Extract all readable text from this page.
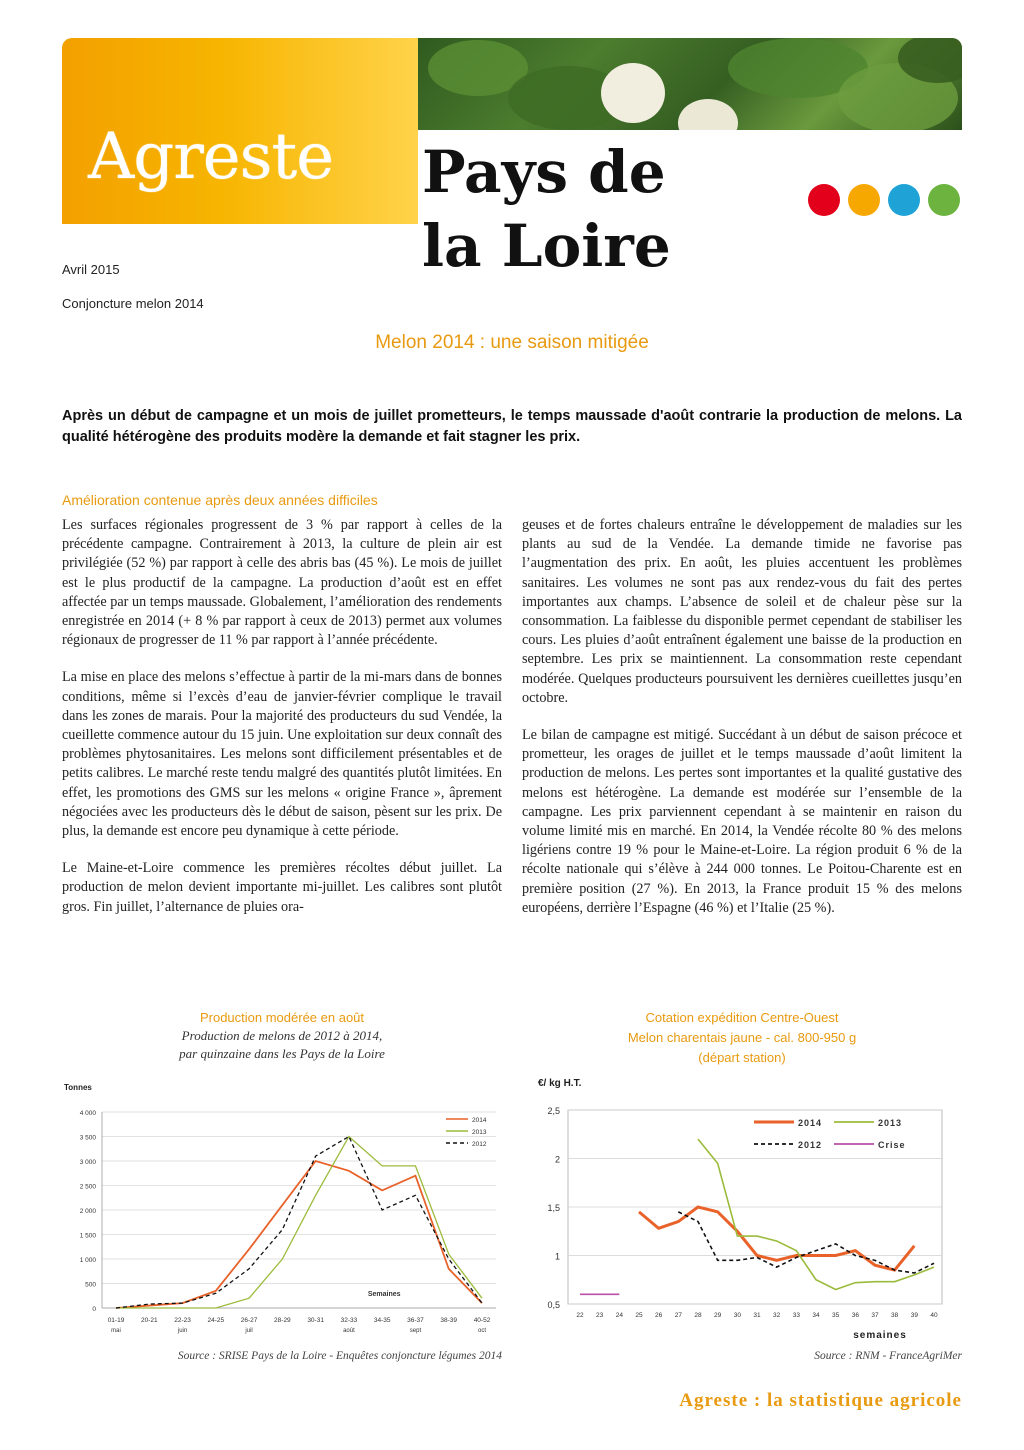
Agreste Pays de
la Loire
Avril 2015
Conjoncture melon 2014
Melon 2014 : une saison mitigée
Après un début de campagne et un mois de juillet prometteurs, le temps maussade d'août contrarie la production de melons. La qualité hétérogène des produits modère la demande et fait stagner les prix.
Amélioration contenue après deux années difficiles

Les surfaces régionales progressent de 3 % par rapport à celles de la précédente campagne. Contrairement à 2013, la culture de plein air est privilégiée (52 %) par rapport à celle des abris bas (45 %). Le mois de juillet est le plus productif de la campagne. La production d’août est en effet affectée par un temps maussade. Globalement, l’amélioration des rendements enregistrée en 2014 (+ 8 % par rapport à ceux de 2013) permet aux volumes régionaux de progresser de 11 % par rapport à l’année précédente.

La mise en place des melons s’effectue à partir de la mi-mars dans de bonnes conditions, même si l’excès d’eau de janvier-février complique le travail dans les zones de marais. Pour la majorité des producteurs du sud Vendée, la cueillette commence autour du 15 juin. Une exploitation sur deux connaît des problèmes phytosanitaires. Les melons sont difficilement présentables et de petits calibres. Le marché reste tendu malgré des quantités plutôt limitées. En effet, les promotions des GMS sur les melons « origine France », âprement négociées avec les producteurs dès le début de saison, pèsent sur les prix. De plus, la demande est encore peu dynamique à cette période.

Le Maine-et-Loire commence les premières récoltes début juillet. La production de melon devient importante mi-juillet. Les calibres sont plutôt gros. Fin juillet, l’alternance de pluies ora-

geuses et de fortes chaleurs entraîne le développement de maladies sur les plants au sud de la Vendée. La demande timide ne favorise pas l’augmentation des prix. En août, les pluies accentuent les problèmes sanitaires. Les volumes ne sont pas aux rendez-vous du fait des pertes importantes aux champs. L’absence de soleil et de chaleur pèse sur la consommation. La faiblesse du disponible permet cependant de stabiliser les cours. Les pluies d’août entraînent également une baisse de la production en septembre. Les prix se maintiennent. La consommation reste cependant modérée. Quelques producteurs poursuivent les dernières cueillettes jusqu’en octobre.

Le bilan de campagne est mitigé. Succédant à un début de saison précoce et prometteur, les orages de juillet et le temps maussade d’août limitent la production de melons. Les pertes sont importantes et la qualité gustative des melons est hétérogène. La demande est modérée sur l’ensemble de la campagne. Les prix parviennent cependant à se maintenir en raison du volume limité mis en marché. En 2014, la Vendée récolte 80 % des melons ligériens contre 19 % pour le Maine-et-Loire. La région produit 6 % de la récolte nationale qui s’élève à 244 000 tonnes. Le Poitou-Charente est en première position (27 %). En 2013, la France produit 15 % des melons européens, derrière l’Espagne (46 %) et l’Italie (25 %).

Production modérée en août
Production de melons de 2012 à 2014,
par quinzaine dans les Pays de la Loire
Tonnes
0
500
1 000
1 500
2 000
2 500
3 000
3 500
4 000
01-19
mai
20-21	22-23
juin
24-25	26-27
juil
28-29	30-31	32-33
août
34-35	36-37
sept
38-39	40-52
oct
Semaines
2014
2013
2012
Source : SRISE Pays de la Loire - Enquêtes conjoncture légumes 2014
Cotation expédition Centre-Ouest
Melon charentais jaune - cal. 800-950 g
(départ station)
€/ kg H.T.
0,5
1
1,5
2
2,5
22 23 24 25 26 27 28 29 30 31 32 33 34 35 36 37 38 39 40
semaines
2014	2013
2012	Crise
Source : RNM - FranceAgriMer
Agreste : la statistique agricole
